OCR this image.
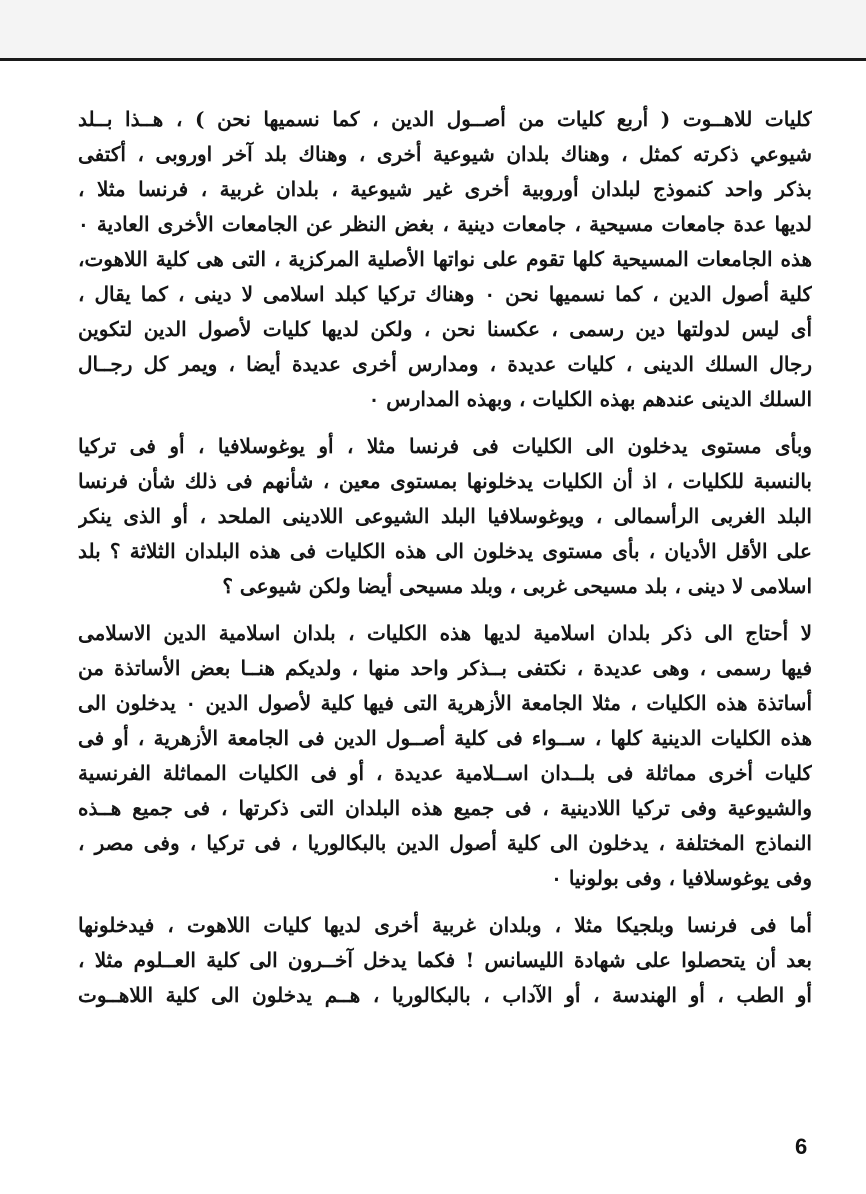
كليات للاهــوت ( أربع كليات من أصــول الدين ، كما نسميها نحن ) ، هــذا بــلد
شيوعي ذكرته كمثل ، وهناك بلدان شيوعية أخرى ، وهناك بلد آخر اوروبى ، أكتفى
بذكر واحد كنموذج لبلدان أوروبية أخرى غير شيوعية ، بلدان غربية ، فرنسا مثلا ،
لديها عدة جامعات مسيحية ، جامعات دينية ، بغض النظر عن الجامعات الأخرى العادية ٠
هذه الجامعات المسيحية كلها تقوم على نواتها الأصلية المركزية ، التى هى كلية اللاهوت،
كلية أصول الدين ، كما نسميها نحن ٠ وهناك تركيا كبلد اسلامى لا دينى ، كما يقال ،
أى ليس لدولتها دين رسمى ، عكسنا نحن ، ولكن لديها كليات لأصول الدين لتكوين
رجال السلك الدينى ، كليات عديدة ، ومدارس أخرى عديدة أيضا ، ويمر كل رجــال
السلك الدينى عندهم بهذه الكليات ، وبهذه المدارس ٠
وبأى مستوى يدخلون الى الكليات فى فرنسا مثلا ، أو يوغوسلافيا ، أو فى تركيا
بالنسبة للكليات ، اذ أن الكليات يدخلونها بمستوى معين ، شأنهم فى ذلك شأن فرنسا
البلد الغربى الرأسمالى ، ويوغوسلافيا البلد الشيوعى اللادينى الملحد ، أو الذى ينكر
على الأقل الأديان ، بأى مستوى يدخلون الى هذه الكليات فى هذه البلدان الثلاثة ؟ بلد
اسلامى لا دينى ، بلد مسيحى غربى ، وبلد مسيحى أيضا ولكن شيوعى ؟
لا أحتاج الى ذكر بلدان اسلامية لديها هذه الكليات ، بلدان اسلامية الدين الاسلامى
فيها رسمى ، وهى عديدة ، نكتفى بــذكر واحد منها ، ولديكم هنــا بعض الأساتذة من
أساتذة هذه الكليات ، مثلا الجامعة الأزهرية التى فيها كلية لأصول الدين ٠ يدخلون الى
هذه الكليات الدينية كلها ، ســواء فى كلية أصــول الدين فى الجامعة الأزهرية ، أو فى
كليات أخرى مماثلة فى بلــدان اســلامية عديدة ، أو فى الكليات المماثلة الفرنسية
والشيوعية وفى تركيا اللادينية ، فى جميع هذه البلدان التى ذكرتها ، فى جميع هــذه
النماذج المختلفة ، يدخلون الى كلية أصول الدين بالبكالوريا ، فى تركيا ، وفى مصر ،
وفى يوغوسلافيا ، وفى بولونيا ٠
أما فى فرنسا وبلجيكا مثلا ، وبلدان غربية أخرى لديها كليات اللاهوت ، فيدخلونها
بعد أن يتحصلوا على شهادة الليسانس ! فكما يدخل آخــرون الى كلية العــلوم مثلا ،
أو الطب ، أو الهندسة ، أو الآداب ، بالبكالوريا ، هــم يدخلون الى كلية اللاهــوت
6
